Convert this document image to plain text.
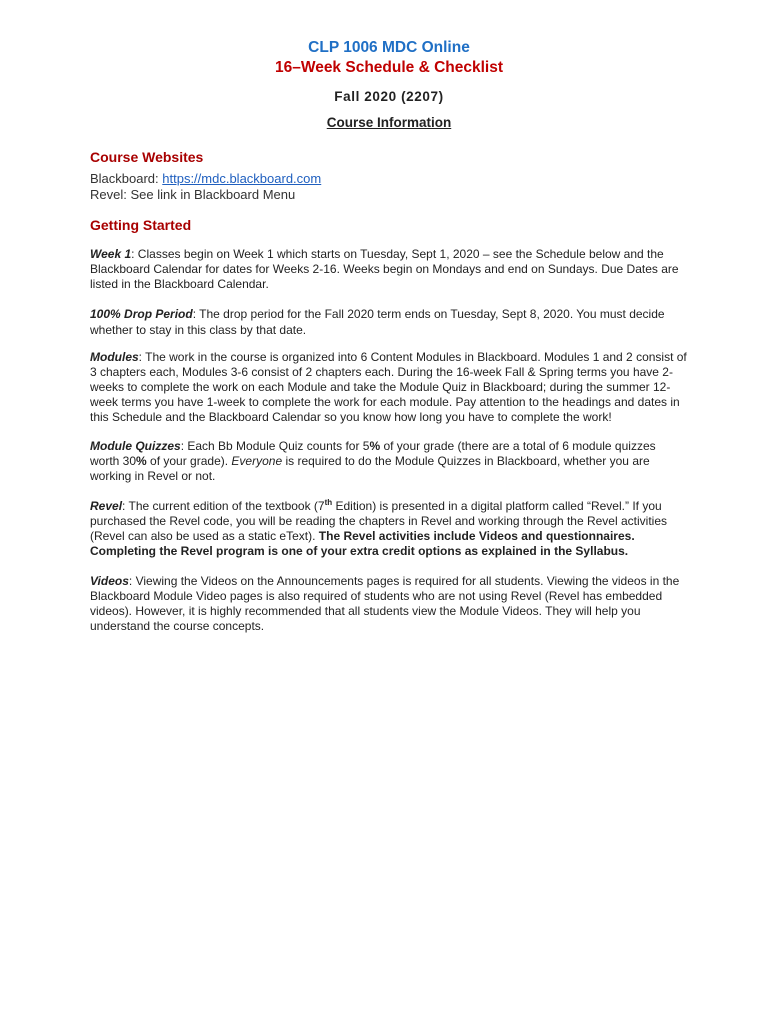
CLP 1006 MDC Online
16–Week Schedule & Checklist
Fall 2020 (2207)
Course Information
Course Websites
Blackboard: https://mdc.blackboard.com
Revel: See link in Blackboard Menu
Getting Started

Week 1: Classes begin on Week 1 which starts on Tuesday, Sept 1, 2020 – see the Schedule below and the Blackboard Calendar for dates for Weeks 2-16. Weeks begin on Mondays and end on Sundays. Due Dates are listed in the Blackboard Calendar.

100% Drop Period: The drop period for the Fall 2020 term ends on Tuesday, Sept 8, 2020. You must decide whether to stay in this class by that date.

Modules: The work in the course is organized into 6 Content Modules in Blackboard. Modules 1 and 2 consist of 3 chapters each, Modules 3-6 consist of 2 chapters each. During the 16-week Fall & Spring terms you have 2-weeks to complete the work on each Module and take the Module Quiz in Blackboard; during the summer 12-week terms you have 1-week to complete the work for each module. Pay attention to the headings and dates in this Schedule and the Blackboard Calendar so you know how long you have to complete the work!

Module Quizzes: Each Bb Module Quiz counts for 5% of your grade (there are a total of 6 module quizzes worth 30% of your grade). Everyone is required to do the Module Quizzes in Blackboard, whether you are working in Revel or not.

Revel: The current edition of the textbook (7th Edition) is presented in a digital platform called “Revel.” If you purchased the Revel code, you will be reading the chapters in Revel and working through the Revel activities (Revel can also be used as a static eText). The Revel activities include Videos and questionnaires. Completing the Revel program is one of your extra credit options as explained in the Syllabus.

Videos: Viewing the Videos on the Announcements pages is required for all students. Viewing the videos in the Blackboard Module Video pages is also required of students who are not using Revel (Revel has embedded videos). However, it is highly recommended that all students view the Module Videos. They will help you understand the course concepts.
